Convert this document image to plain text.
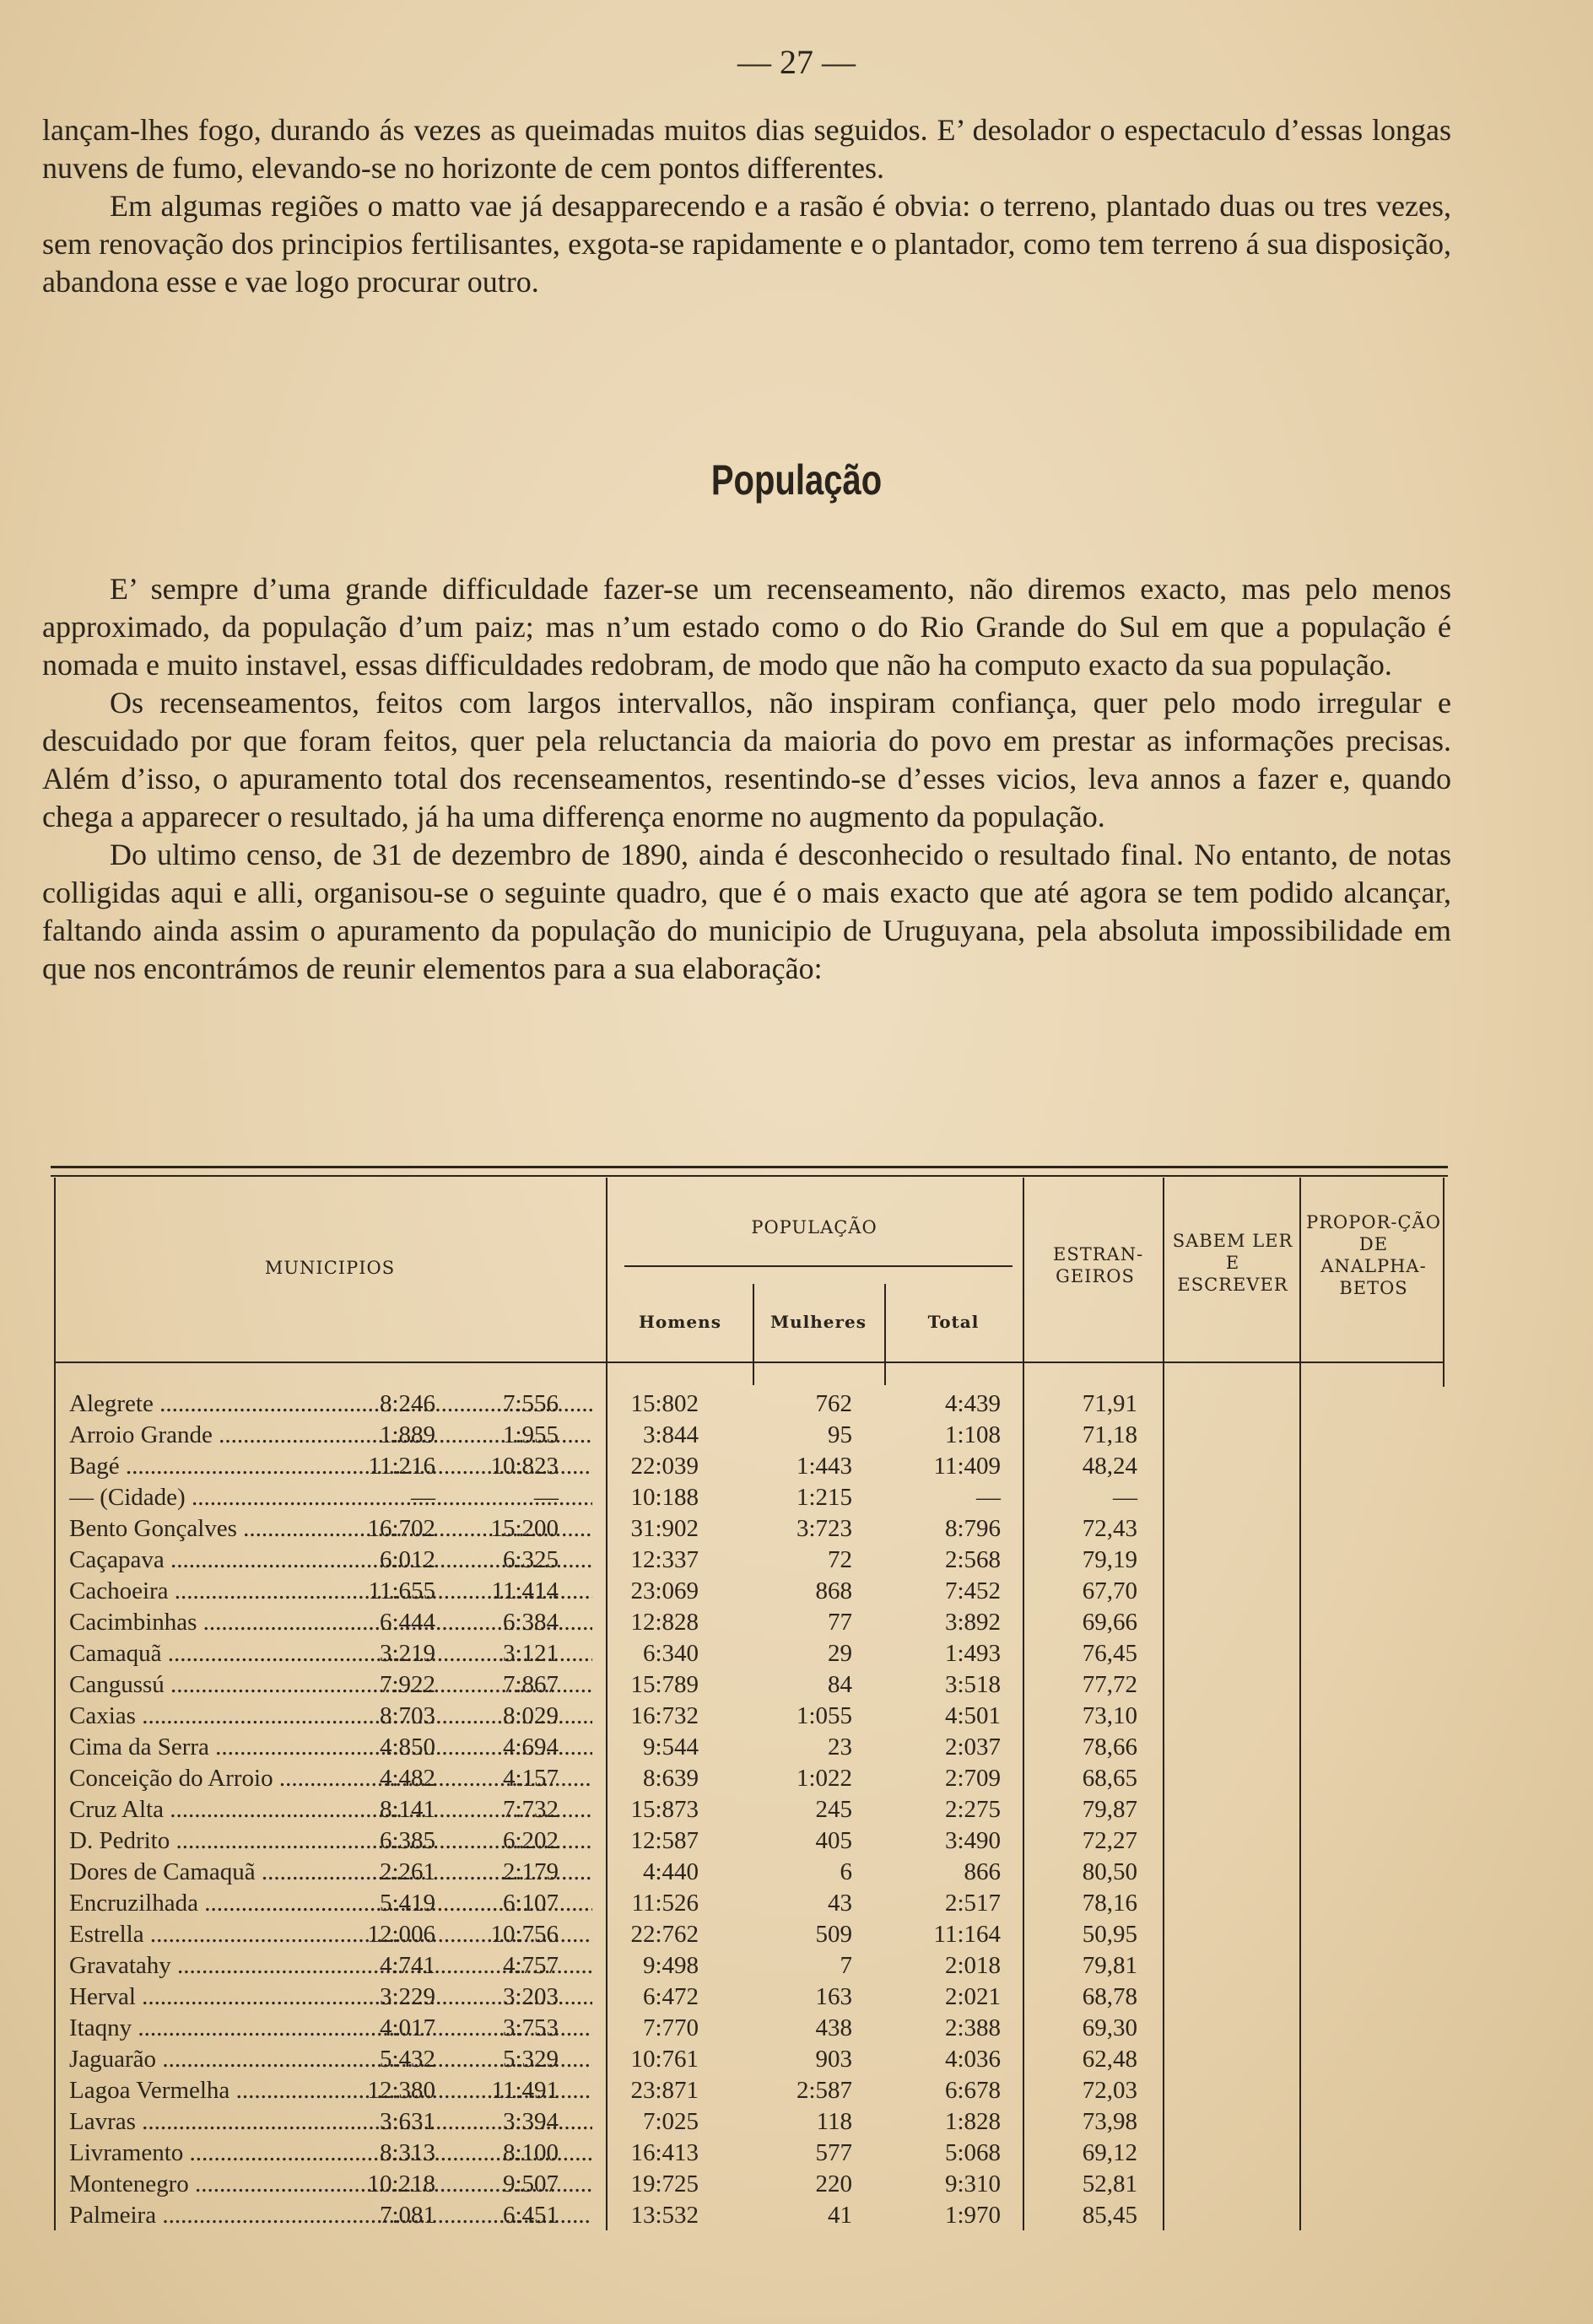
— 27 —

lançam-lhes fogo, durando ás vezes as queimadas muitos dias seguidos. E’ desolador o espectaculo d’essas longas nuvens de fumo, elevando-se no horizonte de cem pontos differentes.

Em algumas regiões o matto vae já desapparecendo e a rasão é obvia: o terreno, plantado duas ou tres vezes, sem renovação dos principios fertilisantes, exgota-se rapidamente e o plantador, como tem terreno á sua disposição, abandona esse e vae logo procurar outro.

População

E’ sempre d’uma grande difficuldade fazer-se um recenseamento, não diremos exacto, mas pelo menos approximado, da população d’um paiz; mas n’um estado como o do Rio Grande do Sul em que a população é nomada e muito instavel, essas difficuldades redobram, de modo que não ha computo exacto da sua população.

Os recenseamentos, feitos com largos intervallos, não inspiram confiança, quer pelo modo irregular e descuidado por que foram feitos, quer pela reluctancia da maioria do povo em prestar as informações precisas. Além d’isso, o apuramento total dos recenseamentos, resentindo-se d’esses vicios, leva annos a fazer e, quando chega a apparecer o resultado, já ha uma differença enorme no augmento da população.

Do ultimo censo, de 31 de dezembro de 1890, ainda é desconhecido o resultado final. No entanto, de notas colligidas aqui e alli, organisou-se o seguinte quadro, que é o mais exacto que até agora se tem podido alcançar, faltando ainda assim o apuramento da população do municipio de Uruguyana, pela absoluta impossibilidade em que nos encontrámos de reunir elementos para a sua elaboração:

MUNICIPIOS
POPULAÇÃO
Homens	Mulheres	Total
ESTRAN-GEIROS
SABEM LER E ESCREVER
PROPOR-ÇÃO DE ANALPHA-BETOS
Alegrete .....	8:246	7:556	15:802	762	4:439	71,91
Arroio Grande .....	1:889	1:955	3:844	95	1:108	71,18
Bagé .....	11:216 10:823	22:039	1:443	11:409	48,24
— (Cidade) .....	—	—	10:188	1:215	—	—
Bento Gonçalves .....	16:702 15:200	31:902	3:723	8:796	72,43
Caçapava .....	6:012	6:325	12:337	72	2:568	79,19
Cachoeira .....	11:655 11:414	23:069	868	7:452	67,70
Cacimbinhas .....	6:444	6:384	12:828	77	3:892	69,66
Camaquã .....	3:219	3:121	6:340	29	1:493	76,45
Cangussú .....	7:922	7:867	15:789	84	3:518	77,72
Caxias .....	8:703	8:029	16:732	1:055	4:501	73,10
Cima da Serra .....	4:850	4:694	9:544	23	2:037	78,66
Conceição do Arroio .....	4:482	4:157	8:639	1:022	2:709	68,65
Cruz Alta .....	8:141	7:732	15:873	245	2:275	79,87
D. Pedrito .....	6:385	6:202	12:587	405	3:490	72,27
Dores de Camaquã .....	2:261	2:179	4:440	6	866	80,50
Encruzilhada .....	5:419	6:107	11:526	43	2:517	78,16
Estrella .....	12:006 10:756	22:762	509	11:164	50,95
Gravatahy .....	4:741	4:757	9:498	7	2:018	79,81
Herval .....	3:229	3:203	6:472	163	2:021	68,78
Itaqny .....	4:017	3:753	7:770	438	2:388	69,30
Jaguarão .....	5:432	5:329	10:761	903	4:036	62,48
Lagoa Vermelha .....	12:380 11:491	23:871	2:587	6:678	72,03
Lavras .....	3:631	3:394	7:025	118	1:828	73,98
Livramento .....	8:313	8:100	16:413	577	5:068	69,12
Montenegro .....	10:218	9:507	19:725	220	9:310	52,81
Palmeira .....	7:081	6:451	13:532	41	1:970	85,45
